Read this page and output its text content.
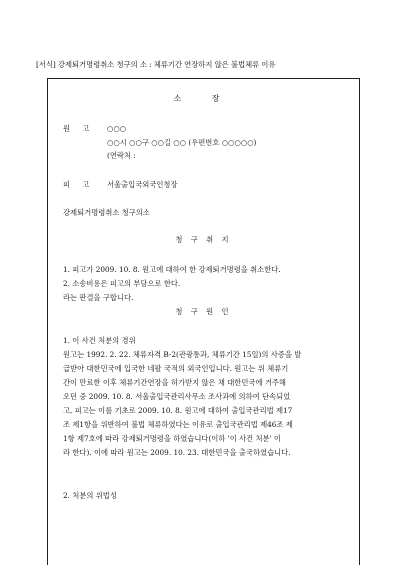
[서식] 강제퇴거명령취소 청구의 소 : 체류기간 연장하지 않은 불법체류 이유
소 장
원 고 ○○○
○○시 ○○구 ○○길 ○○ (우편번호 ○○○○○)
(연락처 :
피 고 서울출입국외국인청장
강제퇴거명령취소 청구의소
청 구 취 지
1. 피고가 2009. 10. 8. 원고에 대하여 한 강제퇴거명령을 취소한다.
2. 소송비용은 피고의 부담으로 한다.
라는 판결을 구합니다.
청 구 원 인
1. 이 사건 처분의 경위
원고는 1992. 2. 22. 체류자격 B-2(관광통과, 체류기간 15일)의 사증을 발
급받아 대한민국에 입국한 네팔 국적의 외국인입니다. 원고는 위 체류기
간이 만료한 이후 체류기간연장을 허가받지 않은 채 대한민국에 거주해
오던 중 2009. 10. 8. 서울출입국관리사무소 조사과에 의하여 단속되었
고, 피고는 이를 기초로 2009. 10. 8. 원고에 대하여 출입국관리법 제17
조 제1항을 위반하여 불법 체류하였다는 이유로 출입국관리법 제46조 제
1항 제7호에 따라 강제퇴거명령을 하였습니다(이하 '이 사건 처분' 이
라 한다). 이에 따라 원고는 2009. 10. 23. 대한민국을 출국하였습니다.
2. 처분의 위법성
